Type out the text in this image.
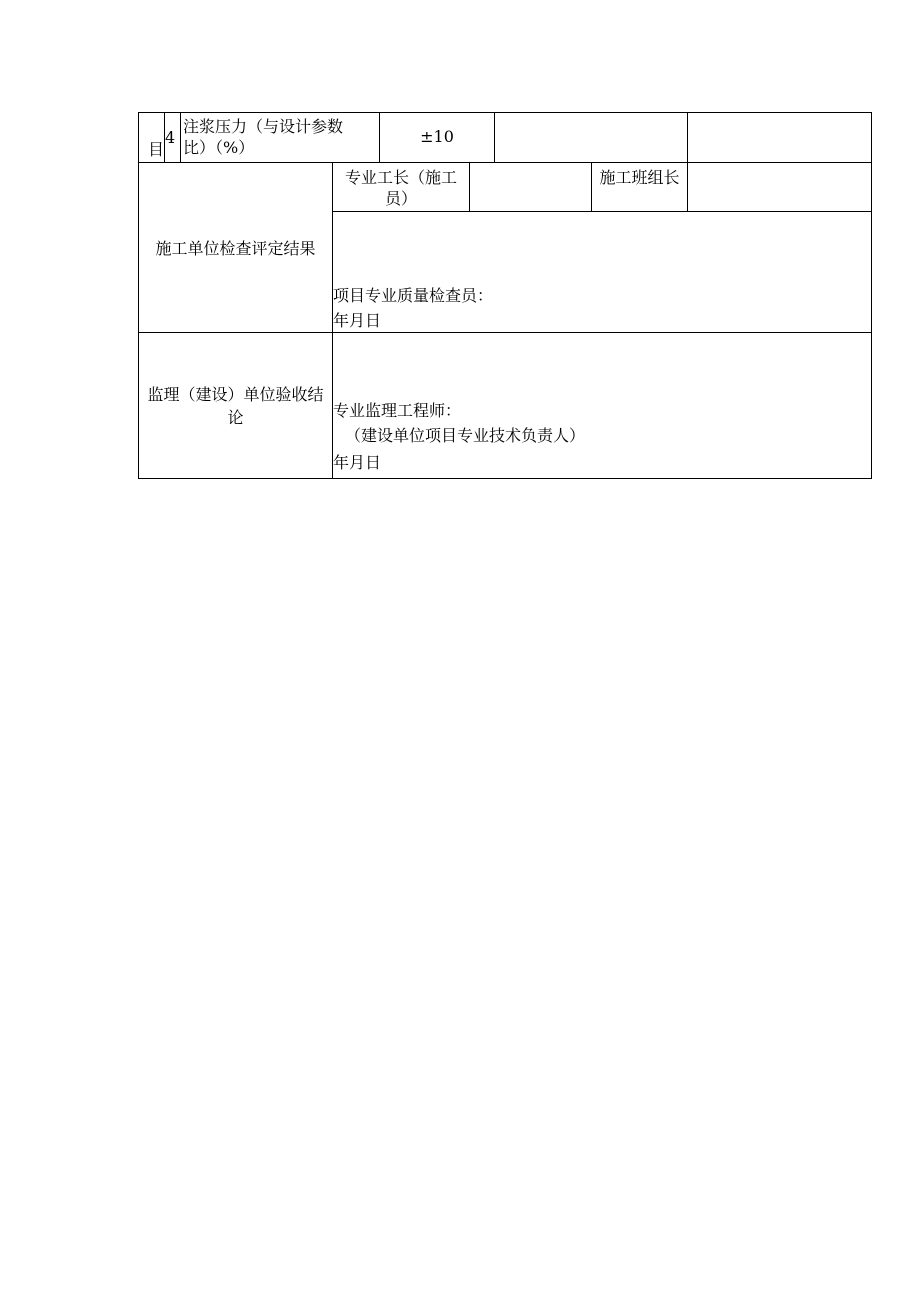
目
4
注浆压力（与设计参数
比）（%）
±10
施工单位检查评定结果
专业工长（施工
员）
施工班组长
项目专业质量检查员：
年月日
监理（建设）单位验收结
论	专业监理工程师：
（建设单位项目专业技术负责人）
年月日
